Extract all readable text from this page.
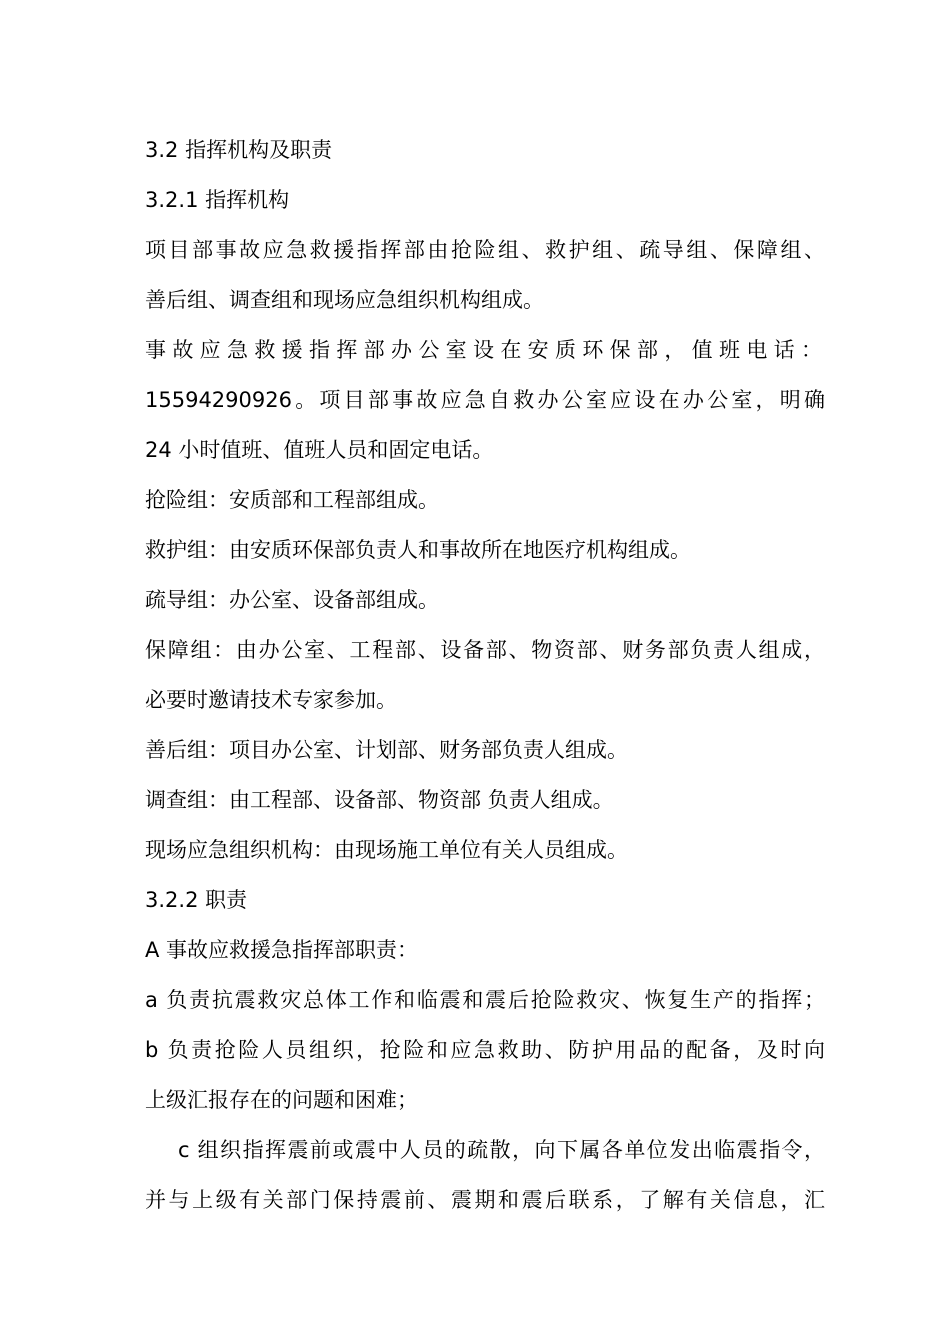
3.2 指挥机构及职责
3.2.1 指挥机构
项目部事故应急救援指挥部由抢险组、救护组、疏导组、保障组、
善后组、调查组和现场应急组织机构组成。
事故应急救援指挥部办公室设在安质环保部，值班电话：
15594290926。项目部事故应急自救办公室应设在办公室，明确
24 小时值班、值班人员和固定电话。
抢险组：安质部和工程部组成。
救护组：由安质环保部负责人和事故所在地医疗机构组成。
疏导组：办公室、设备部组成。
保障组：由办公室、工程部、设备部、物资部、财务部负责人组成，
必要时邀请技术专家参加。
善后组：项目办公室、计划部、财务部负责人组成。
调查组：由工程部、设备部、物资部 负责人组成。
现场应急组织机构：由现场施工单位有关人员组成。
3.2.2 职责
A 事故应救援急指挥部职责：
a 负责抗震救灾总体工作和临震和震后抢险救灾、恢复生产的指挥；
b 负责抢险人员组织，抢险和应急救助、防护用品的配备，及时向
上级汇报存在的问题和困难；
c 组织指挥震前或震中人员的疏散，向下属各单位发出临震指令，
并与上级有关部门保持震前、震期和震后联系，了解有关信息，汇
